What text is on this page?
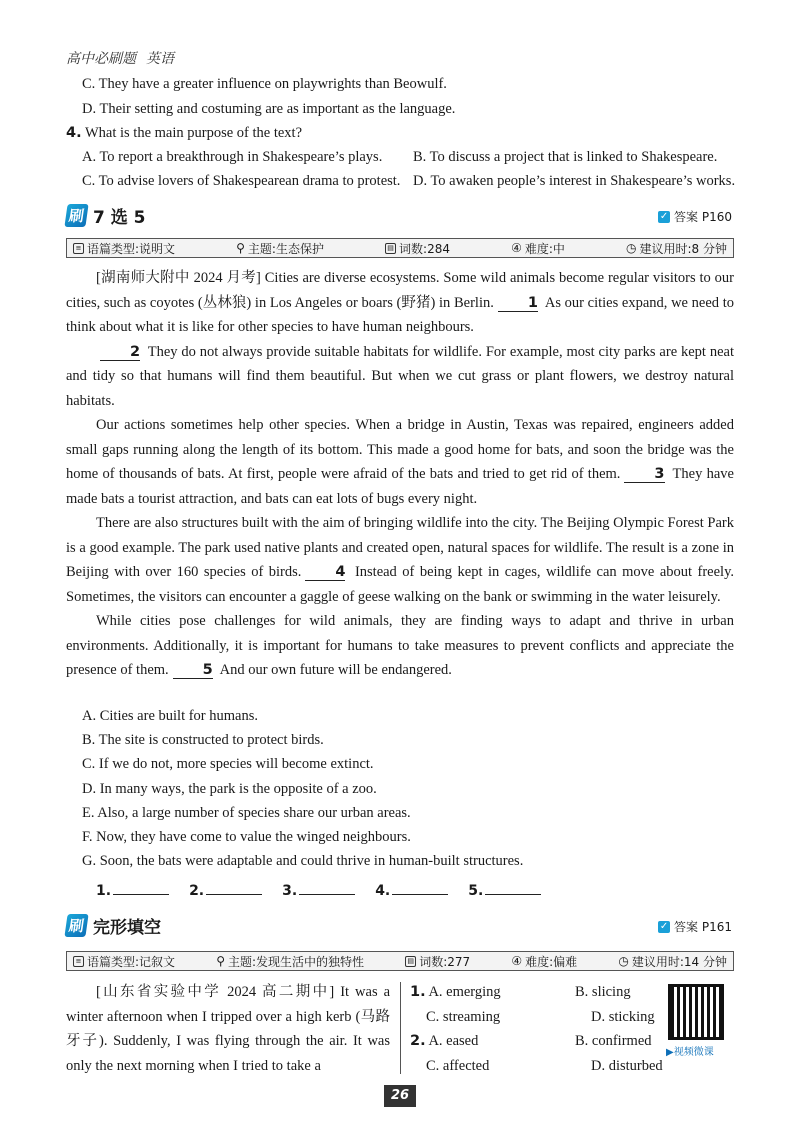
高中必刷题 英语
C. They have a greater influence on playwrights than Beowulf.
D. Their setting and costuming are as important as the language.
4. What is the main purpose of the text?
A. To report a breakthrough in Shakespeare’s plays. B. To discuss a project that is linked to Shakespeare.
C. To advise lovers of Shakespearean drama to protest. D. To awaken people’s interest in Shakespeare’s works.
刷 7 选 5	✓ 答案 P160
≡ 语篇类型:说明文	⚲ 主题:生态保护	▤ 词数:284	④ 难度:中	◷ 建议用时:8 分钟

[湖南师大附中 2024 月考] Cities are diverse ecosystems. Some wild animals become regular visitors to our cities, such as coyotes (丛林狼) in Los Angeles or boars (野猪) in Berlin. 1 As our cities expand, we need to think about what it is like for other species to have human neighbours.

2 They do not always provide suitable habitats for wildlife. For example, most city parks are kept neat and tidy so that humans will find them beautiful. But when we cut grass or plant flowers, we destroy natural habitats.

Our actions sometimes help other species. When a bridge in Austin, Texas was repaired, engineers added small gaps running along the length of its bottom. This made a good home for bats, and soon the bridge was the home of thousands of bats. At first, people were afraid of the bats and tried to get rid of them. 3 They have made bats a tourist attraction, and bats can eat lots of bugs every night.

There are also structures built with the aim of bringing wildlife into the city. The Beijing Olympic Forest Park is a good example. The park used native plants and created open, natural spaces for wildlife. The result is a zone in Beijing with over 160 species of birds. 4 Instead of being kept in cages, wildlife can move about freely. Sometimes, the visitors can encounter a gaggle of geese walking on the bank or swimming in the water leisurely.

While cities pose challenges for wild animals, they are finding ways to adapt and thrive in urban environments. Additionally, it is important for humans to take measures to prevent conflicts and appreciate the presence of them. 5 And our own future will be endangered.

A. Cities are built for humans.
B. The site is constructed to protect birds.
C. If we do not, more species will become extinct.
D. In many ways, the park is the opposite of a zoo.
E. Also, a large number of species share our urban areas.
F. Now, they have come to value the winged neighbours.
G. Soon, the bats were adaptable and could thrive in human-built structures.
1.	2.	3.	4.	5.
刷 完形填空	✓ 答案 P161
≡ 语篇类型:记叙文	⚲ 主题:发现生活中的独特性	▤ 词数:277	④ 难度:偏难	◷ 建议用时:14 分钟

[山东省实验中学 2024 高二期中] It was a winter afternoon when I tripped over a high kerb (马路牙子). Suddenly, I was flying through the air. It was only the next morning when I tried to take a

1. A. emerging	B. slicing
C. streaming	D. sticking
2. A. eased	B. confirmed
C. affected	D. disturbed
▶视频微课
26
